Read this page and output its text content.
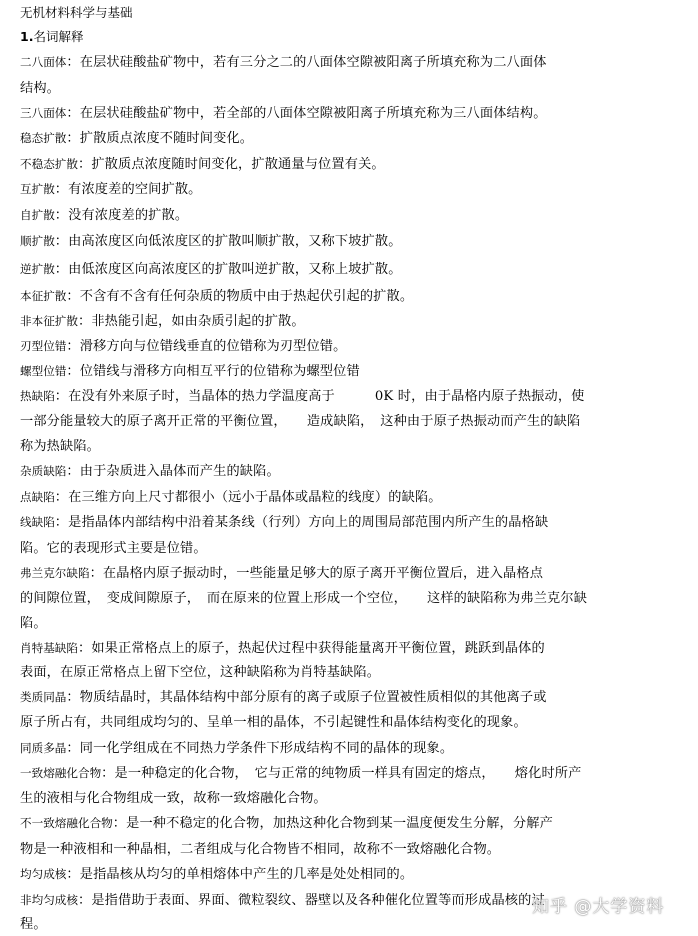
无机材料科学与基础
1.名词解释
二八面体：在层状硅酸盐矿物中，若有三分之二的八面体空隙被阳离子所填充称为二八面体
结构。
三八面体：在层状硅酸盐矿物中，若全部的八面体空隙被阳离子所填充称为三八面体结构。
稳态扩散：扩散质点浓度不随时间变化。
不稳态扩散：扩散质点浓度随时间变化，扩散通量与位置有关。
互扩散：有浓度差的空间扩散。
自扩散：没有浓度差的扩散。
顺扩散：由高浓度区向低浓度区的扩散叫顺扩散，又称下坡扩散。
逆扩散：由低浓度区向高浓度区的扩散叫逆扩散，又称上坡扩散。
本征扩散：不含有不含有任何杂质的物质中由于热起伏引起的扩散。
非本征扩散：非热能引起，如由杂质引起的扩散。
刃型位错：滑移方向与位错线垂直的位错称为刃型位错。
螺型位错：位错线与滑移方向相互平行的位错称为螺型位错
热缺陷：在没有外来原子时，当晶体的热力学温度高于　　　0K 时，由于晶格内原子热振动，使
一部分能量较大的原子离开正常的平衡位置，　　造成缺陷，　这种由于原子热振动而产生的缺陷
称为热缺陷。
杂质缺陷：由于杂质进入晶体而产生的缺陷。
点缺陷：在三维方向上尺寸都很小（远小于晶体或晶粒的线度）的缺陷。
线缺陷：是指晶体内部结构中沿着某条线（行列）方向上的周围局部范围内所产生的晶格缺
陷。它的表现形式主要是位错。
弗兰克尔缺陷：在晶格内原子振动时，一些能量足够大的原子离开平衡位置后，进入晶格点
的间隙位置，　变成间隙原子，　而在原来的位置上形成一个空位，　　这样的缺陷称为弗兰克尔缺
陷。
肖特基缺陷：如果正常格点上的原子，热起伏过程中获得能量离开平衡位置，跳跃到晶体的
表面，在原正常格点上留下空位，这种缺陷称为肖特基缺陷。
类质同晶：物质结晶时，其晶体结构中部分原有的离子或原子位置被性质相似的其他离子或
原子所占有，共同组成均匀的、呈单一相的晶体，不引起键性和晶体结构变化的现象。
同质多晶：同一化学组成在不同热力学条件下形成结构不同的晶体的现象。
一致熔融化合物：是一种稳定的化合物，　它与正常的纯物质一样具有固定的熔点，　　熔化时所产
生的液相与化合物组成一致，故称一致熔融化合物。
不一致熔融化合物：是一种不稳定的化合物，加热这种化合物到某一温度便发生分解，分解产
物是一种液相和一种晶相，二者组成与化合物皆不相同，故称不一致熔融化合物。
均匀成核：是指晶核从均匀的单相熔体中产生的几率是处处相同的。
非均匀成核：是指借助于表面、界面、微粒裂纹、器壁以及各种催化位置等而形成晶核的过
程。
知乎 @大学资料
